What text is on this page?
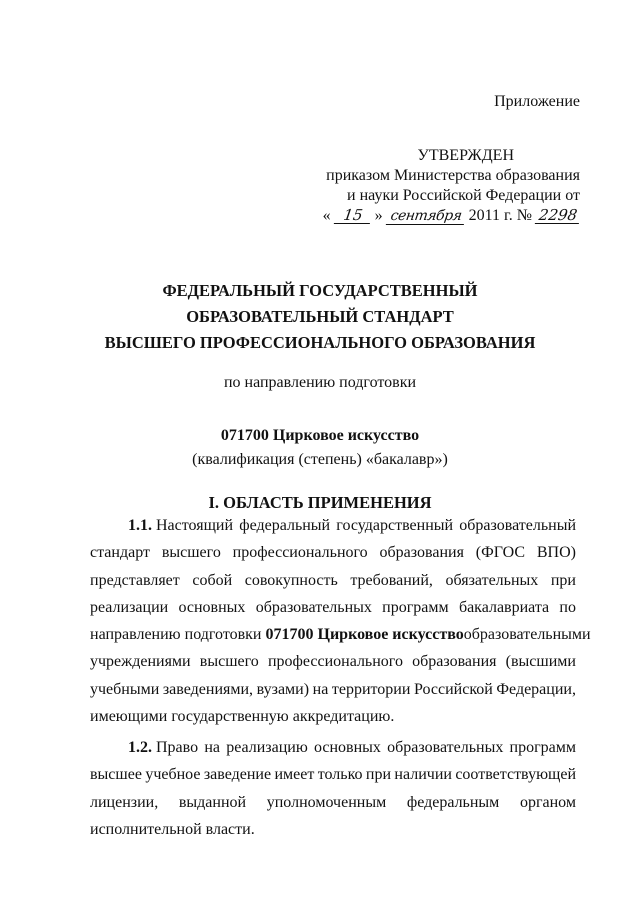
Приложение
УТВЕРЖДЕН
приказом Министерства образования
и науки Российской Федерации от
« 15 » сентября 2011 г. № 2298
ФЕДЕРАЛЬНЫЙ ГОСУДАРСТВЕННЫЙ
ОБРАЗОВАТЕЛЬНЫЙ СТАНДАРТ
ВЫСШЕГО ПРОФЕССИОНАЛЬНОГО ОБРАЗОВАНИЯ
по направлению подготовки
071700 Цирковое искусство
(квалификация (степень) «бакалавр»)
I. ОБЛАСТЬ ПРИМЕНЕНИЯ
1.1. Настоящий федеральный государственный образовательный
стандарт высшего профессионального образования (ФГОС ВПО)
представляет собой совокупность требований, обязательных при
реализации основных образовательных программ бакалавриата по
направлению подготовки 071700 Цирковое искусство образовательными
учреждениями высшего профессионального образования (высшими
учебными заведениями, вузами) на территории Российской Федерации,
имеющими государственную аккредитацию.
1.2. Право на реализацию основных образовательных программ
высшее учебное заведение имеет только при наличии соответствующей
лицензии, выданной уполномоченным федеральным органом
исполнительной власти.
